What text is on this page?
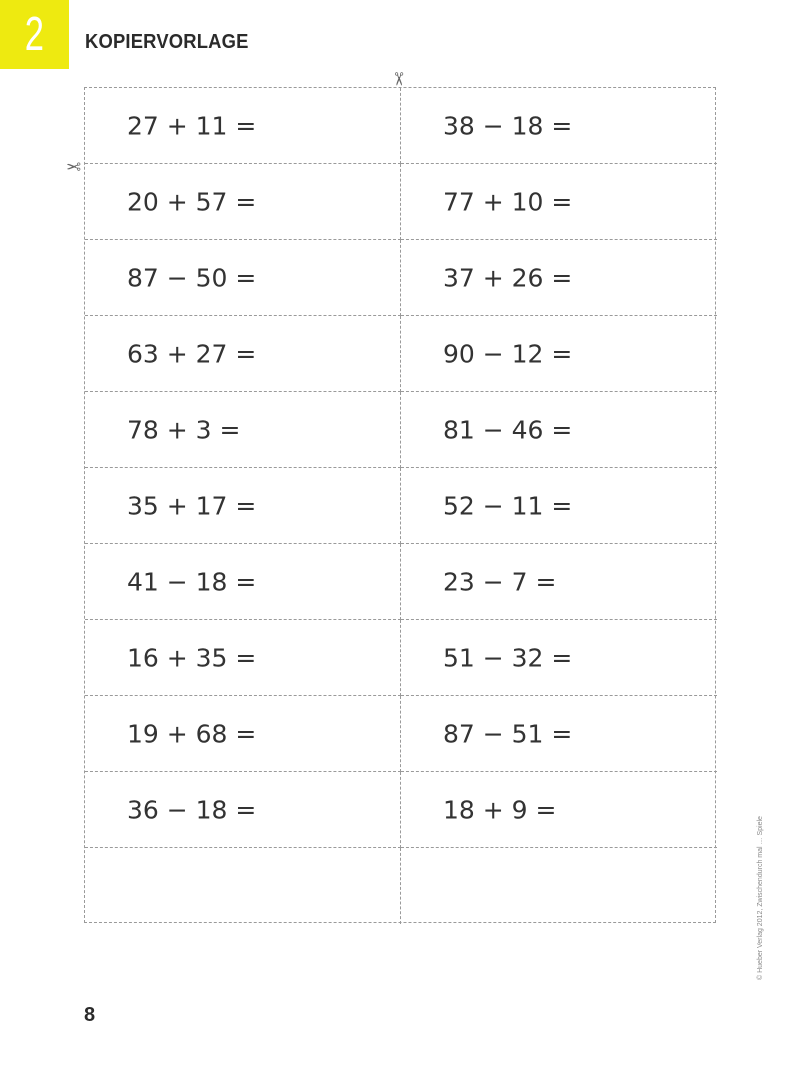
2 KOPIERVORLAGE
✂
✂
27 + 11 =	38 − 18 =
20 + 57 =	77 + 10 =
87 − 50 =	37 + 26 =
63 + 27 =	90 − 12 =
78 + 3 =	81 − 46 =
35 + 17 =	52 − 11 =
41 − 18 =	23 − 7 =
16 + 35 =	51 − 32 =
19 + 68 =	87 − 51 =
36 − 18 =	18 + 9 =
© Hueber Verlag 2012, Zwischendurch mal … Spiele
8
